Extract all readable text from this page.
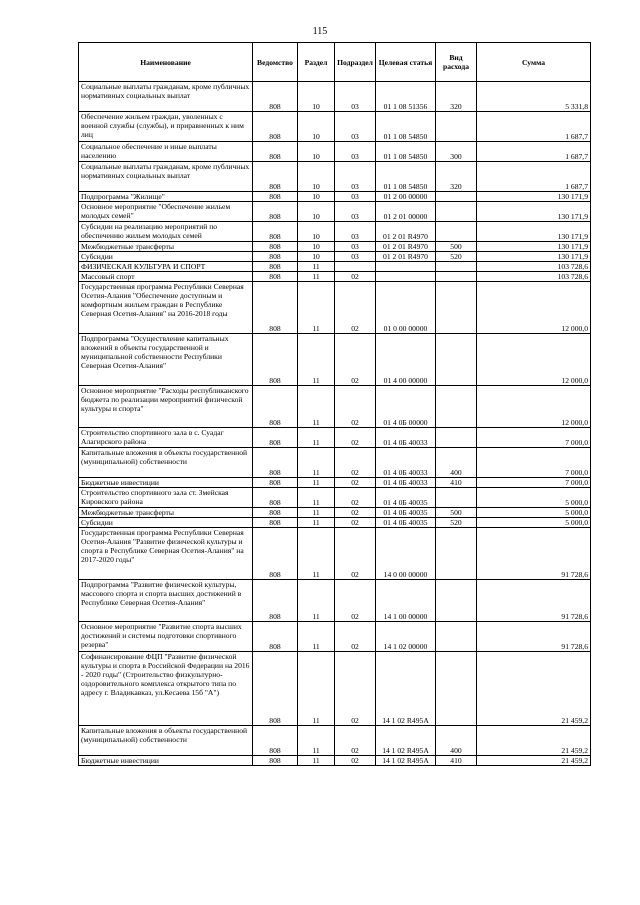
115
Наименование	Ведомство	Раздел	Подраздел	Целевая статья	Вид расхода	Сумма
Социальные выплаты гражданам, кроме публичных нормативных социальных выплат	808	10	03	01 1 08 51356	320	5 331,8
Обеспечение жильем граждан, уволенных с военной службы (службы), и приравненных к ним лиц	808	10	03	01 1 08 54850		1 687,7
Социальное обеспечение и иные выплаты населению	808	10	03	01 1 08 54850	300	1 687,7
Социальные выплаты гражданам, кроме публичных нормативных социальных выплат	808	10	03	01 1 08 54850	320	1 687,7
Подпрограмма "Жилище"	808	10	03	01 2 00 00000		130 171,9
Основное мероприятие "Обеспечение жильем молодых семей"	808	10	03	01 2 01 00000		130 171,9
Субсидии на реализацию мероприятий по обеспечению жильем молодых семей	808	10	03	01 2 01 R4970		130 171,9
Межбюджетные трансферты	808	10	03	01 2 01 R4970	500	130 171,9
Субсидии	808	10	03	01 2 01 R4970	520	130 171,9
ФИЗИЧЕСКАЯ КУЛЬТУРА И СПОРТ	808	11				103 728,6
Массовый спорт	808	11	02			103 728,6
Государственная программа Республики Северная Осетия-Алания "Обеспечение доступным и комфортным жильем граждан в Республике Северная Осетия-Алания" на 2016-2018 годы	808	11	02	01 0 00 00000		12 000,0
Подпрограмма "Осуществление капитальных вложений в объекты государственной и муниципальной собственности Республики Северная Осетия-Алания"	808	11	02	01 4 00 00000		12 000,0
Основное мероприятие "Расходы республиканского бюджета по реализации мероприятий физической культуры и спорта"	808	11	02	01 4 0Б 00000		12 000,0
Строительство спортивного зала в с. Суадаг Алагирского района	808	11	02	01 4 0Б 40033		7 000,0
Капитальные вложения в объекты государственной (муниципальной) собственности	808	11	02	01 4 0Б 40033	400	7 000,0
Бюджетные инвестиции	808	11	02	01 4 0Б 40033	410	7 000,0
Строительство спортивного зала ст. Змейская Кировского района	808	11	02	01 4 0Б 40035		5 000,0
Межбюджетные трансферты	808	11	02	01 4 0Б 40035	500	5 000,0
Субсидии	808	11	02	01 4 0Б 40035	520	5 000,0
Государственная программа Республики Северная Осетия-Алания "Развитие физической культуры и спорта в Республике Северная Осетия-Алания" на 2017-2020 годы"	808	11	02	14 0 00 00000		91 728,6
Подпрограмма "Развитие физической культуры, массового спорта и спорта высших достижений в Республике Северная Осетия-Алания"	808	11	02	14 1 00 00000		91 728,6
Основное мероприятие "Развитие спорта высших достижений и системы подготовки спортивного резерва"	808	11	02	14 1 02 00000		91 728,6
Софинансирование ФЦП "Развитие физической культуры и спорта в Российской Федерации на 2016 - 2020 годы" (Строительство физкультурно-оздоровительного комплекса открытого типа по адресу г. Владикавказ, ул.Кесаева 15б "А")	808	11	02	14 1 02 R495А		21 459,2
Капитальные вложения в объекты государственной (муниципальной) собственности	808	11	02	14 1 02 R495А	400	21 459,2
Бюджетные инвестиции	808	11	02	14 1 02 R495А	410	21 459,2
